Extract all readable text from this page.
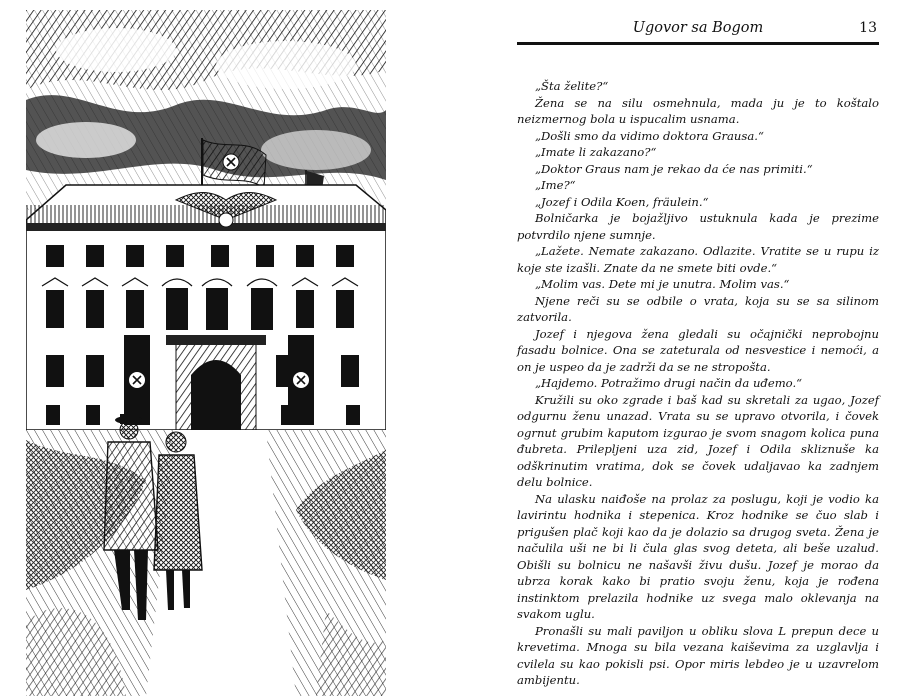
Ugovor sa Bogom	13

„Šta želite?“

Žena se na silu osmehnula, mada ju je to koštalo neizmernog bola u ispucalim usnama.

„Došli smo da vidimo doktora Grausa.“

„Imate li zakazano?“

„Doktor Graus nam je rekao da će nas primiti.“

„Ime?“

„Jozef i Odila Koen, fräulein.“

Bolničarka je bojažljivo ustuknula kada je prezime potvrdilo njene sumnje.

„Lažete. Nemate zakazano. Odlazite. Vratite se u rupu iz koje ste izašli. Znate da ne smete biti ovde.“

„Molim vas. Dete mi je unutra. Molim vas.“

Njene reči su se odbile o vrata, koja su se sa silinom zatvorila.

Jozef i njegova žena gledali su očajnički neprobojnu fasadu bolnice. Ona se zateturala od nesvestice i nemoći, a on je uspeo da je zadrži da se ne stropošta.

„Hajdemo. Potražimo drugi način da uđemo.“

Kružili su oko zgrade i baš kad su skretali za ugao, Jozef odgurnu ženu unazad. Vrata su se upravo otvorila, i čovek ogrnut grubim kaputom izgurao je svom snagom kolica puna đubreta. Prilepljeni uza zid, Jozef i Odila skliznuše ka odškrinutim vratima, dok se čovek udaljavao ka zadnjem delu bolnice.

Na ulasku naiđoše na prolaz za poslugu, koji je vodio ka lavirintu hodnika i stepenica. Kroz hodnike se čuo slab i prigušen plač koji kao da je dolazio sa drugog sveta. Žena je načulila uši ne bi li čula glas svog deteta, ali beše uzalud. Obišli su bolnicu ne našavši živu dušu. Jozef je morao da ubrza korak kako bi pratio svoju ženu, koja je rođena instinktom prelazila hodnike uz svega malo oklevanja na svakom uglu.

Pronašli su mali paviljon u obliku slova L prepun dece u krevetima. Mnoga su bila vezana kaiševima za uzglavlja i cvilela su kao pokisli psi. Opor miris lebdeo je u uzavrelom ambijentu.
